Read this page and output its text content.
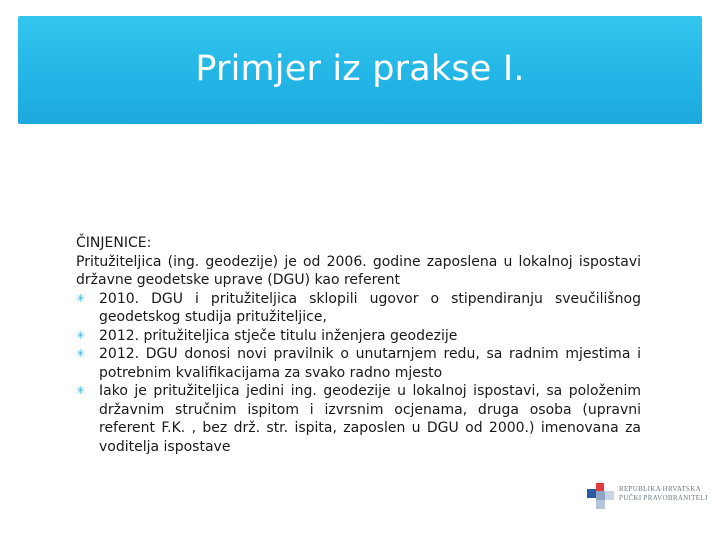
Primjer iz prakse I.

ČINJENICE:

Pritužiteljica (ing. geodezije) je od 2006. godine zaposlena u lokalnoj ispostavi državne geodetske uprave (DGU) kao referent

✳ 2010. DGU i pritužiteljica sklopili ugovor o stipendiranju sveučilišnog geodetskog studija pritužiteljice,
✳ 2012. pritužiteljica stječe titulu inženjera geodezije
✳ 2012. DGU donosi novi pravilnik o unutarnjem redu, sa radnim mjestima i potrebnim kvalifikacijama za svako radno mjesto
✳ Iako je pritužiteljica jedini ing. geodezije u lokalnoj ispostavi, sa položenim državnim stručnim ispitom i izvrsnim ocjenama, druga osoba (upravni referent F.K. , bez drž. str. ispita, zaposlen u DGU od 2000.) imenovana za voditelja ispostave
REPUBLIKA HRVATSKA
PUČKI PRAVOBRANITELJ
